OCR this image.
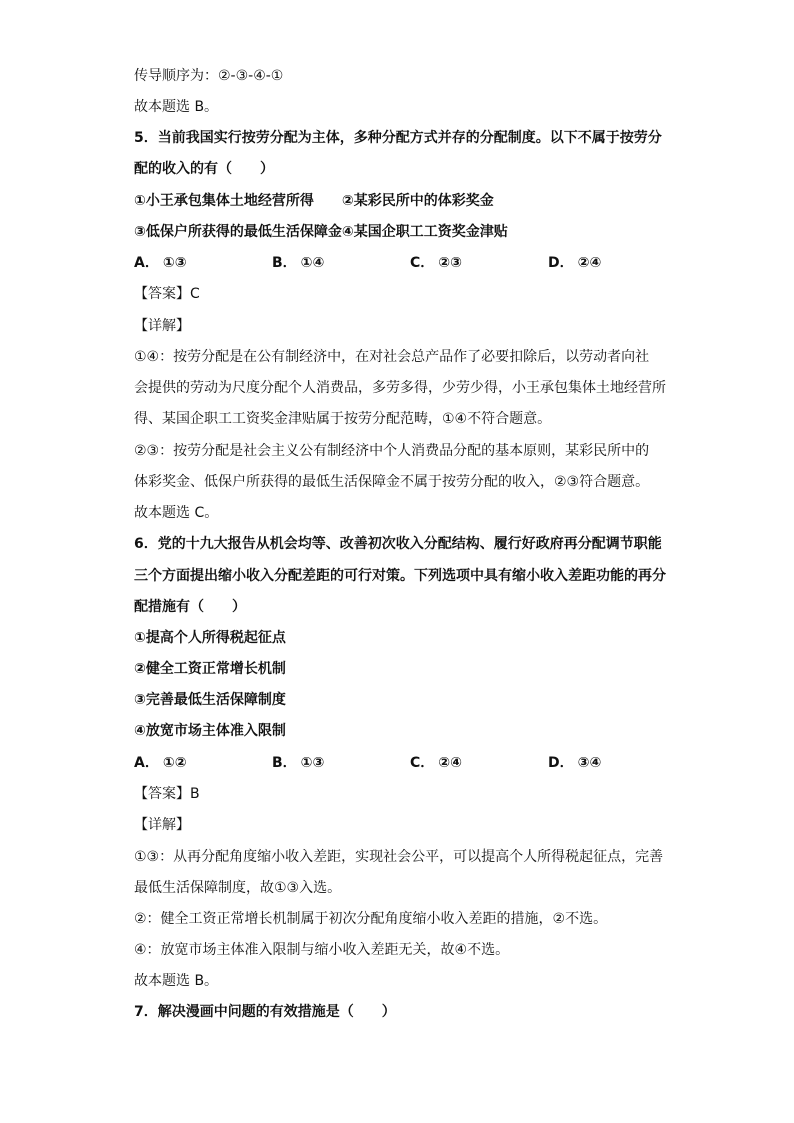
传导顺序为：②-③-④-①

故本题选 B。

5．当前我国实行按劳分配为主体，多种分配方式并存的分配制度。以下不属于按劳分

配的收入的有（　　）

①小王承包集体土地经营所得　　②某彩民所中的体彩奖金

③低保户所获得的最低生活保障金④某国企职工工资奖金津贴

A． ①③	B． ①④	C． ②③	D． ②④

【答案】C

【详解】

①④：按劳分配是在公有制经济中，在对社会总产品作了必要扣除后，以劳动者向社

会提供的劳动为尺度分配个人消费品，多劳多得，少劳少得，小王承包集体土地经营所

得、某国企职工工资奖金津贴属于按劳分配范畴，①④不符合题意。

②③：按劳分配是社会主义公有制经济中个人消费品分配的基本原则，某彩民所中的

体彩奖金、低保户所获得的最低生活保障金不属于按劳分配的收入，②③符合题意。

故本题选 C。

6．党的十九大报告从机会均等、改善初次收入分配结构、履行好政府再分配调节职能

三个方面提出缩小收入分配差距的可行对策。下列选项中具有缩小收入差距功能的再分

配措施有（　　）

①提高个人所得税起征点

②健全工资正常增长机制

③完善最低生活保障制度

④放宽市场主体准入限制

A． ①②	B． ①③	C． ②④	D． ③④

【答案】B

【详解】

①③：从再分配角度缩小收入差距，实现社会公平，可以提高个人所得税起征点，完善

最低生活保障制度，故①③入选。

②：健全工资正常增长机制属于初次分配角度缩小收入差距的措施，②不选。

④：放宽市场主体准入限制与缩小收入差距无关，故④不选。

故本题选 B。

7．解决漫画中问题的有效措施是（　　）
